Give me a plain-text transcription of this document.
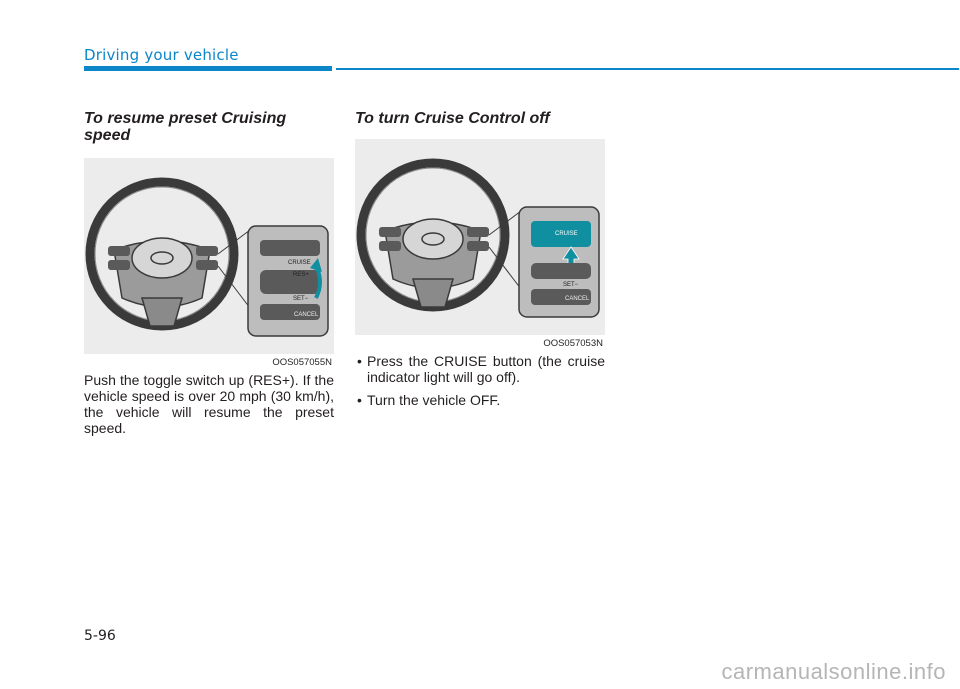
Driving your vehicle
To resume preset Cruising speed
CRUISE
RES+
SET−
CANCEL
OOS057055N

Push the toggle switch up (RES+). If the vehicle speed is over 20 mph (30 km/h), the vehicle will resume the preset speed.

To turn Cruise Control off
CRUISE
SET−
CANCEL
OOS057053N
• Press the CRUISE button (the cruise indicator light will go off).
• Turn the vehicle OFF.
5-96
carmanualsonline.info
